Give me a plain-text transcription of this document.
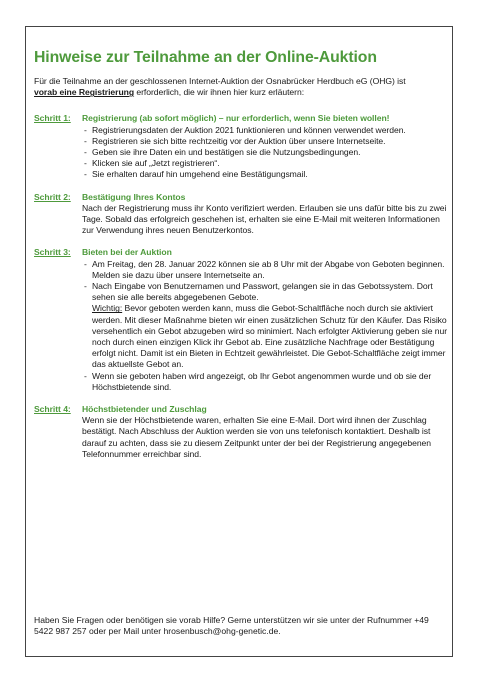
Hinweise zur Teilnahme an der Online-Auktion

Für die Teilnahme an der geschlossenen Internet-Auktion der Osnabrücker Herdbuch eG (OHG) ist
vorab eine Registrierung erforderlich, die wir ihnen hier kurz erläutern:

Schritt 1:	Registrierung (ab sofort möglich) – nur erforderlich, wenn Sie bieten wollen!
- Registrierungsdaten der Auktion 2021 funktionieren und können verwendet werden.
- Registrieren sie sich bitte rechtzeitig vor der Auktion über unsere Internetseite.
- Geben sie ihre Daten ein und bestätigen sie die Nutzungsbedingungen.
- Klicken sie auf „Jetzt registrieren“.
- Sie erhalten darauf hin umgehend eine Bestätigungsmail.
Schritt 2:	Bestätigung Ihres Kontos
Nach der Registrierung muss ihr Konto verifiziert werden. Erlauben sie uns dafür bitte bis zu zwei Tage. Sobald das erfolgreich geschehen ist, erhalten sie eine E-Mail mit weiteren Informationen zur Verwendung ihres neuen Benutzerkontos.
Schritt 3:	Bieten bei der Auktion
- Am Freitag, den 28. Januar 2022 können sie ab 8 Uhr mit der Abgabe von Geboten beginnen. Melden sie dazu über unsere Internetseite an.
- Nach Eingabe von Benutzernamen und Passwort, gelangen sie in das Gebotssystem. Dort sehen sie alle bereits abgegebenen Gebote.
Wichtig: Bevor geboten werden kann, muss die Gebot-Schaltfläche noch durch sie aktiviert werden. Mit dieser Maßnahme bieten wir einen zusätzlichen Schutz für den Käufer. Das Risiko versehentlich ein Gebot abzugeben wird so minimiert. Nach erfolgter Aktivierung geben sie nur noch durch einen einzigen Klick ihr Gebot ab. Eine zusätzliche Nachfrage oder Bestätigung erfolgt nicht. Damit ist ein Bieten in Echtzeit gewährleistet. Die Gebot-Schaltfläche zeigt immer das aktuellste Gebot an.
- Wenn sie geboten haben wird angezeigt, ob Ihr Gebot angenommen wurde und ob sie der Höchstbietende sind.
Schritt 4:	Höchstbietender und Zuschlag
Wenn sie der Höchstbietende waren, erhalten Sie eine E-Mail. Dort wird ihnen der Zuschlag bestätigt. Nach Abschluss der Auktion werden sie von uns telefonisch kontaktiert. Deshalb ist darauf zu achten, dass sie zu diesem Zeitpunkt unter der bei der Registrierung angegebenen Telefonnummer erreichbar sind.
Haben Sie Fragen oder benötigen sie vorab Hilfe? Gerne unterstützen wir sie unter der Rufnummer +49 5422 987 257 oder per Mail unter hrosenbusch@ohg-genetic.de.
